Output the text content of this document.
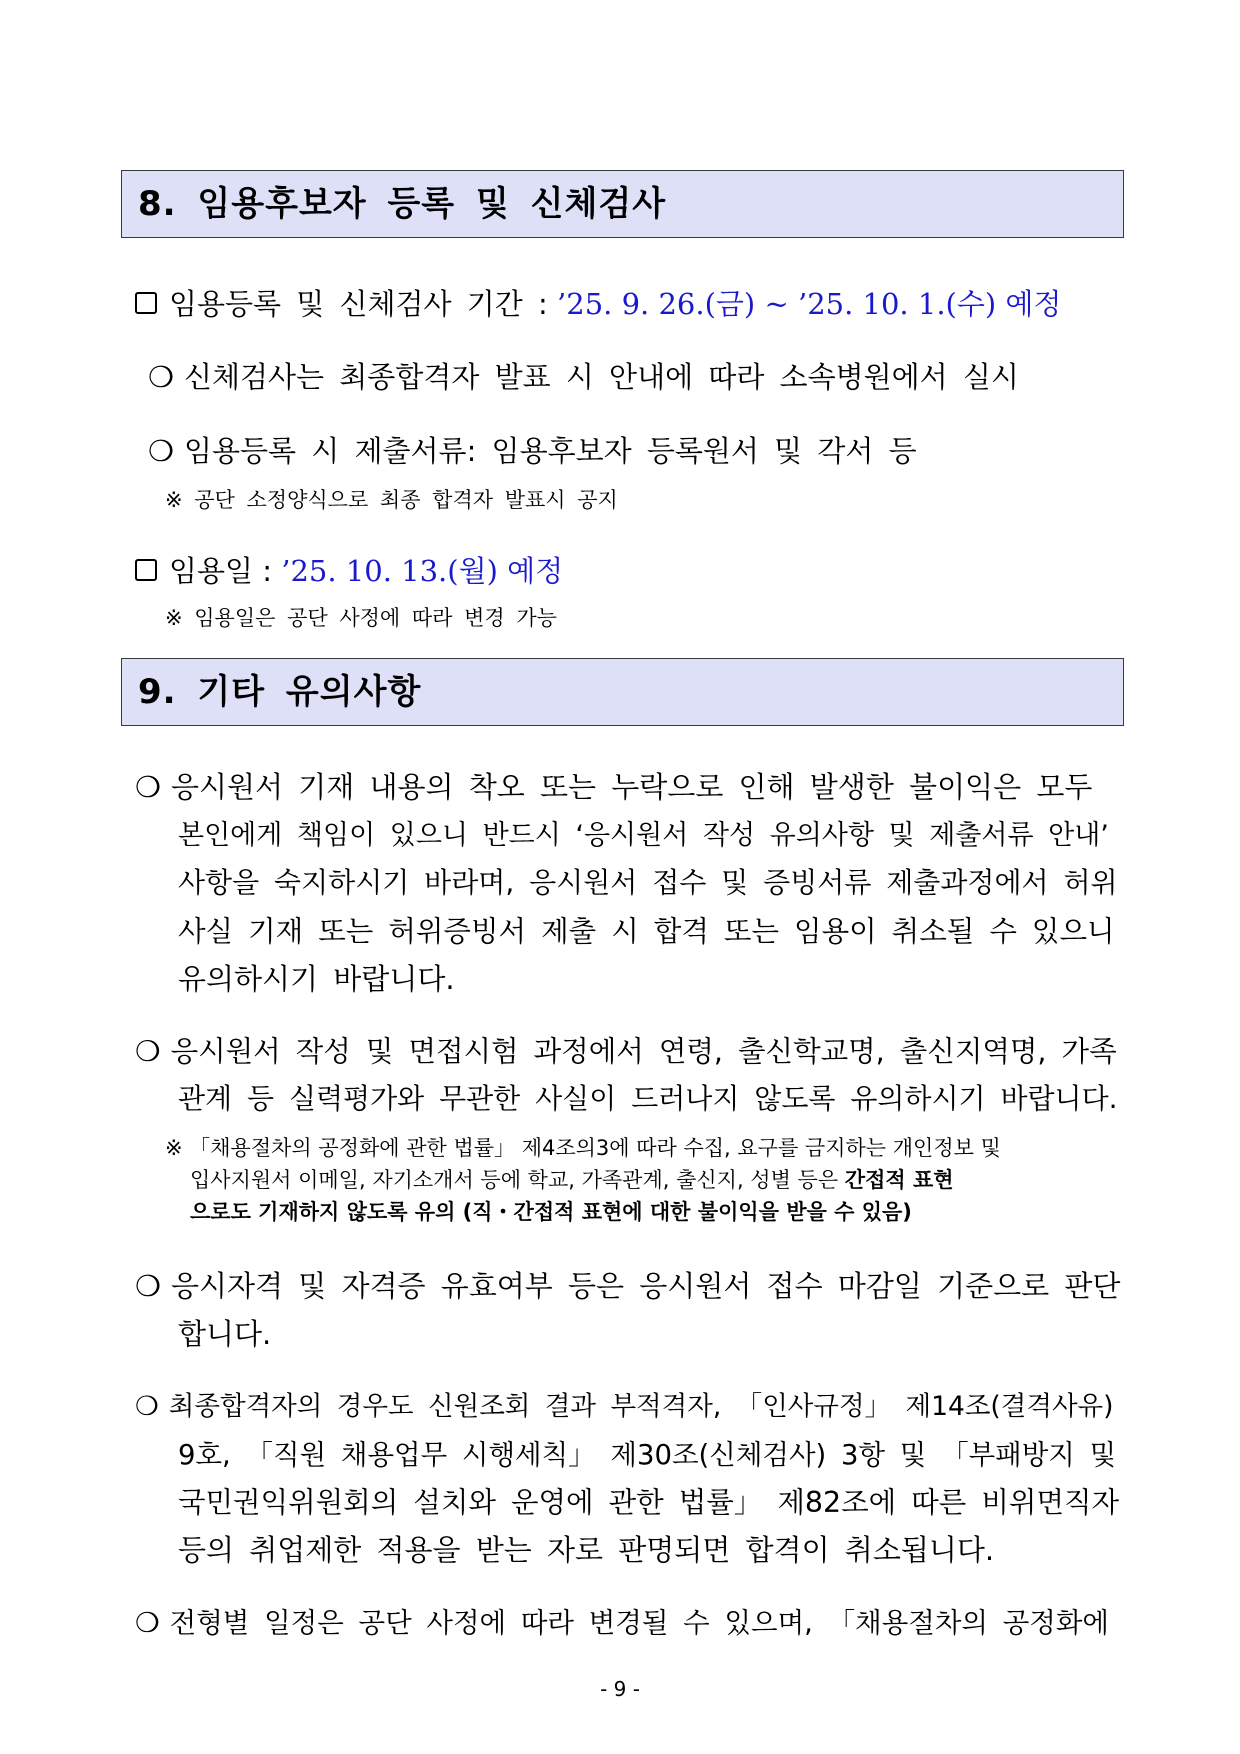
8. 임용후보자 등록 및 신체검사
임용등록 및 신체검사 기간 : ’25. 9. 26.(금) ~ ’25. 10. 1.(수) 예정
❍ 신체검사는 최종합격자 발표 시 안내에 따라 소속병원에서 실시
❍ 임용등록 시 제출서류: 임용후보자 등록원서 및 각서 등
※ 공단 소정양식으로 최종 합격자 발표시 공지
임용일 : ’25. 10. 13.(월) 예정
※ 임용일은 공단 사정에 따라 변경 가능
9. 기타 유의사항
❍ 응시원서 기재 내용의 착오 또는 누락으로 인해 발생한 불이익은 모두
본인에게 책임이 있으니 반드시 ‘응시원서 작성 유의사항 및 제출서류 안내’
사항을 숙지하시기 바라며, 응시원서 접수 및 증빙서류 제출과정에서 허위
사실 기재 또는 허위증빙서 제출 시 합격 또는 임용이 취소될 수 있으니
유의하시기 바랍니다.
❍ 응시원서 작성 및 면접시험 과정에서 연령, 출신학교명, 출신지역명, 가족
관계 등 실력평가와 무관한 사실이 드러나지 않도록 유의하시기 바랍니다.
※ 「채용절차의 공정화에 관한 법률」 제4조의3에 따라 수집, 요구를 금지하는 개인정보 및
입사지원서 이메일, 자기소개서 등에 학교, 가족관계, 출신지, 성별 등은 간접적 표현
으로도 기재하지 않도록 유의 (직・간접적 표현에 대한 불이익을 받을 수 있음)
❍ 응시자격 및 자격증 유효여부 등은 응시원서 접수 마감일 기준으로 판단
합니다.
❍ 최종합격자의 경우도 신원조회 결과 부적격자, 「인사규정」 제14조(결격사유)
9호, 「직원 채용업무 시행세칙」 제30조(신체검사) 3항 및 「부패방지 및
국민권익위원회의 설치와 운영에 관한 법률」 제82조에 따른 비위면직자
등의 취업제한 적용을 받는 자로 판명되면 합격이 취소됩니다.
❍ 전형별 일정은 공단 사정에 따라 변경될 수 있으며, 「채용절차의 공정화에
- 9 -
